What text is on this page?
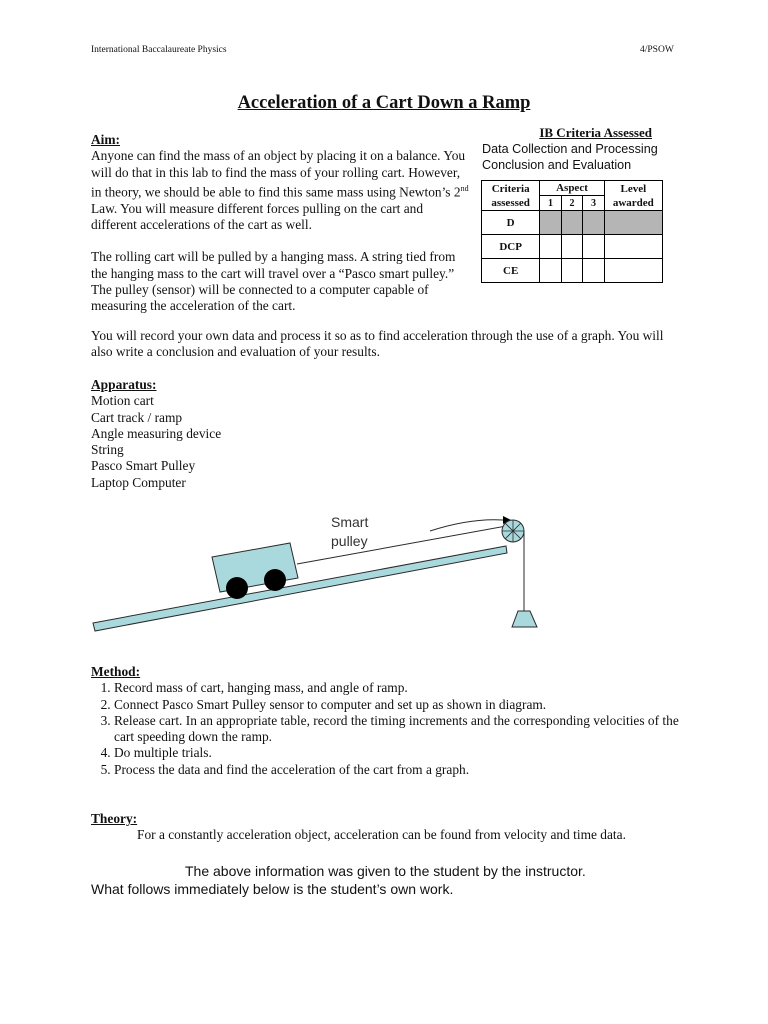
International Baccalaureate Physics	4/PSOW
Acceleration of a Cart Down a Ramp
Aim:

Anyone can find the mass of an object by placing it on a balance. You will do that in this lab to find the mass of your rolling cart. However, in theory, we should be able to find this same mass using Newton’s 2nd Law. You will measure different forces pulling on the cart and different accelerations of the cart as well.

The rolling cart will be pulled by a hanging mass. A string tied from the hanging mass to the cart will travel over a “Pasco smart pulley.” The pulley (sensor) will be connected to a computer capable of measuring the acceleration of the cart.

You will record your own data and process it so as to find acceleration through the use of a graph. You will also write a conclusion and evaluation of your results.
IB Criteria Assessed
Data Collection and Processing
Conclusion and Evaluation
Criteria assessed	Aspect			Level awarded
	1	2	3	
D				
DCP				
CE				
Apparatus:
Motion cart
Cart track / ramp
Angle measuring device
String
Pasco Smart Pulley
Laptop Computer
Smart
pulley
Method:
1. Record mass of cart, hanging mass, and angle of ramp.
2. Connect Pasco Smart Pulley sensor to computer and set up as shown in diagram.
3. Release cart. In an appropriate table, record the timing increments and the corresponding velocities of the cart speeding down the ramp.
4. Do multiple trials.
5. Process the data and find the acceleration of the cart from a graph.
Theory:
For a constantly acceleration object, acceleration can be found from velocity and time data.
The above information was given to the student by the instructor.
What follows immediately below is the student’s own work.
